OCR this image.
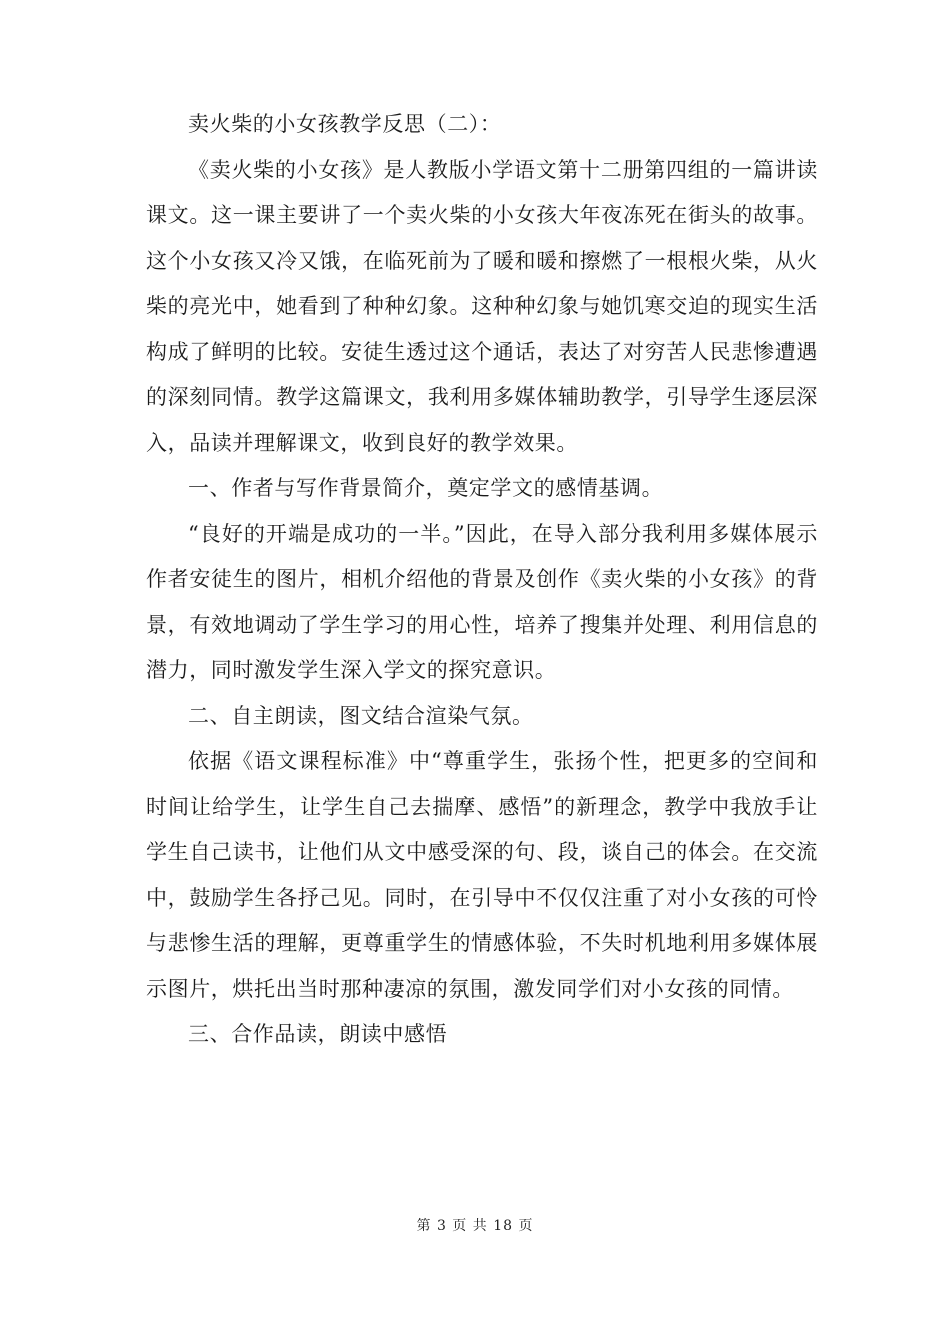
卖火柴的小女孩教学反思（二）：

《卖火柴的小女孩》是人教版小学语文第十二册第四组的一篇讲读课文。这一课主要讲了一个卖火柴的小女孩大年夜冻死在街头的故事。这个小女孩又冷又饿，在临死前为了暖和暖和擦燃了一根根火柴，从火柴的亮光中，她看到了种种幻象。这种种幻象与她饥寒交迫的现实生活构成了鲜明的比较。安徒生透过这个通话，表达了对穷苦人民悲惨遭遇的深刻同情。教学这篇课文，我利用多媒体辅助教学，引导学生逐层深入，品读并理解课文，收到良好的教学效果。

一、作者与写作背景简介，奠定学文的感情基调。

“良好的开端是成功的一半。”因此，在导入部分我利用多媒体展示作者安徒生的图片，相机介绍他的背景及创作《卖火柴的小女孩》的背景，有效地调动了学生学习的用心性，培养了搜集并处理、利用信息的潜力，同时激发学生深入学文的探究意识。

二、自主朗读，图文结合渲染气氛。

依据《语文课程标准》中“尊重学生，张扬个性，把更多的空间和时间让给学生，让学生自己去揣摩、感悟”的新理念，教学中我放手让学生自己读书，让他们从文中感受深的句、段，谈自己的体会。在交流中，鼓励学生各抒己见。同时，在引导中不仅仅注重了对小女孩的可怜与悲惨生活的理解，更尊重学生的情感体验，不失时机地利用多媒体展示图片，烘托出当时那种凄凉的氛围，激发同学们对小女孩的同情。

三、合作品读，朗读中感悟

第 3 页 共 18 页
